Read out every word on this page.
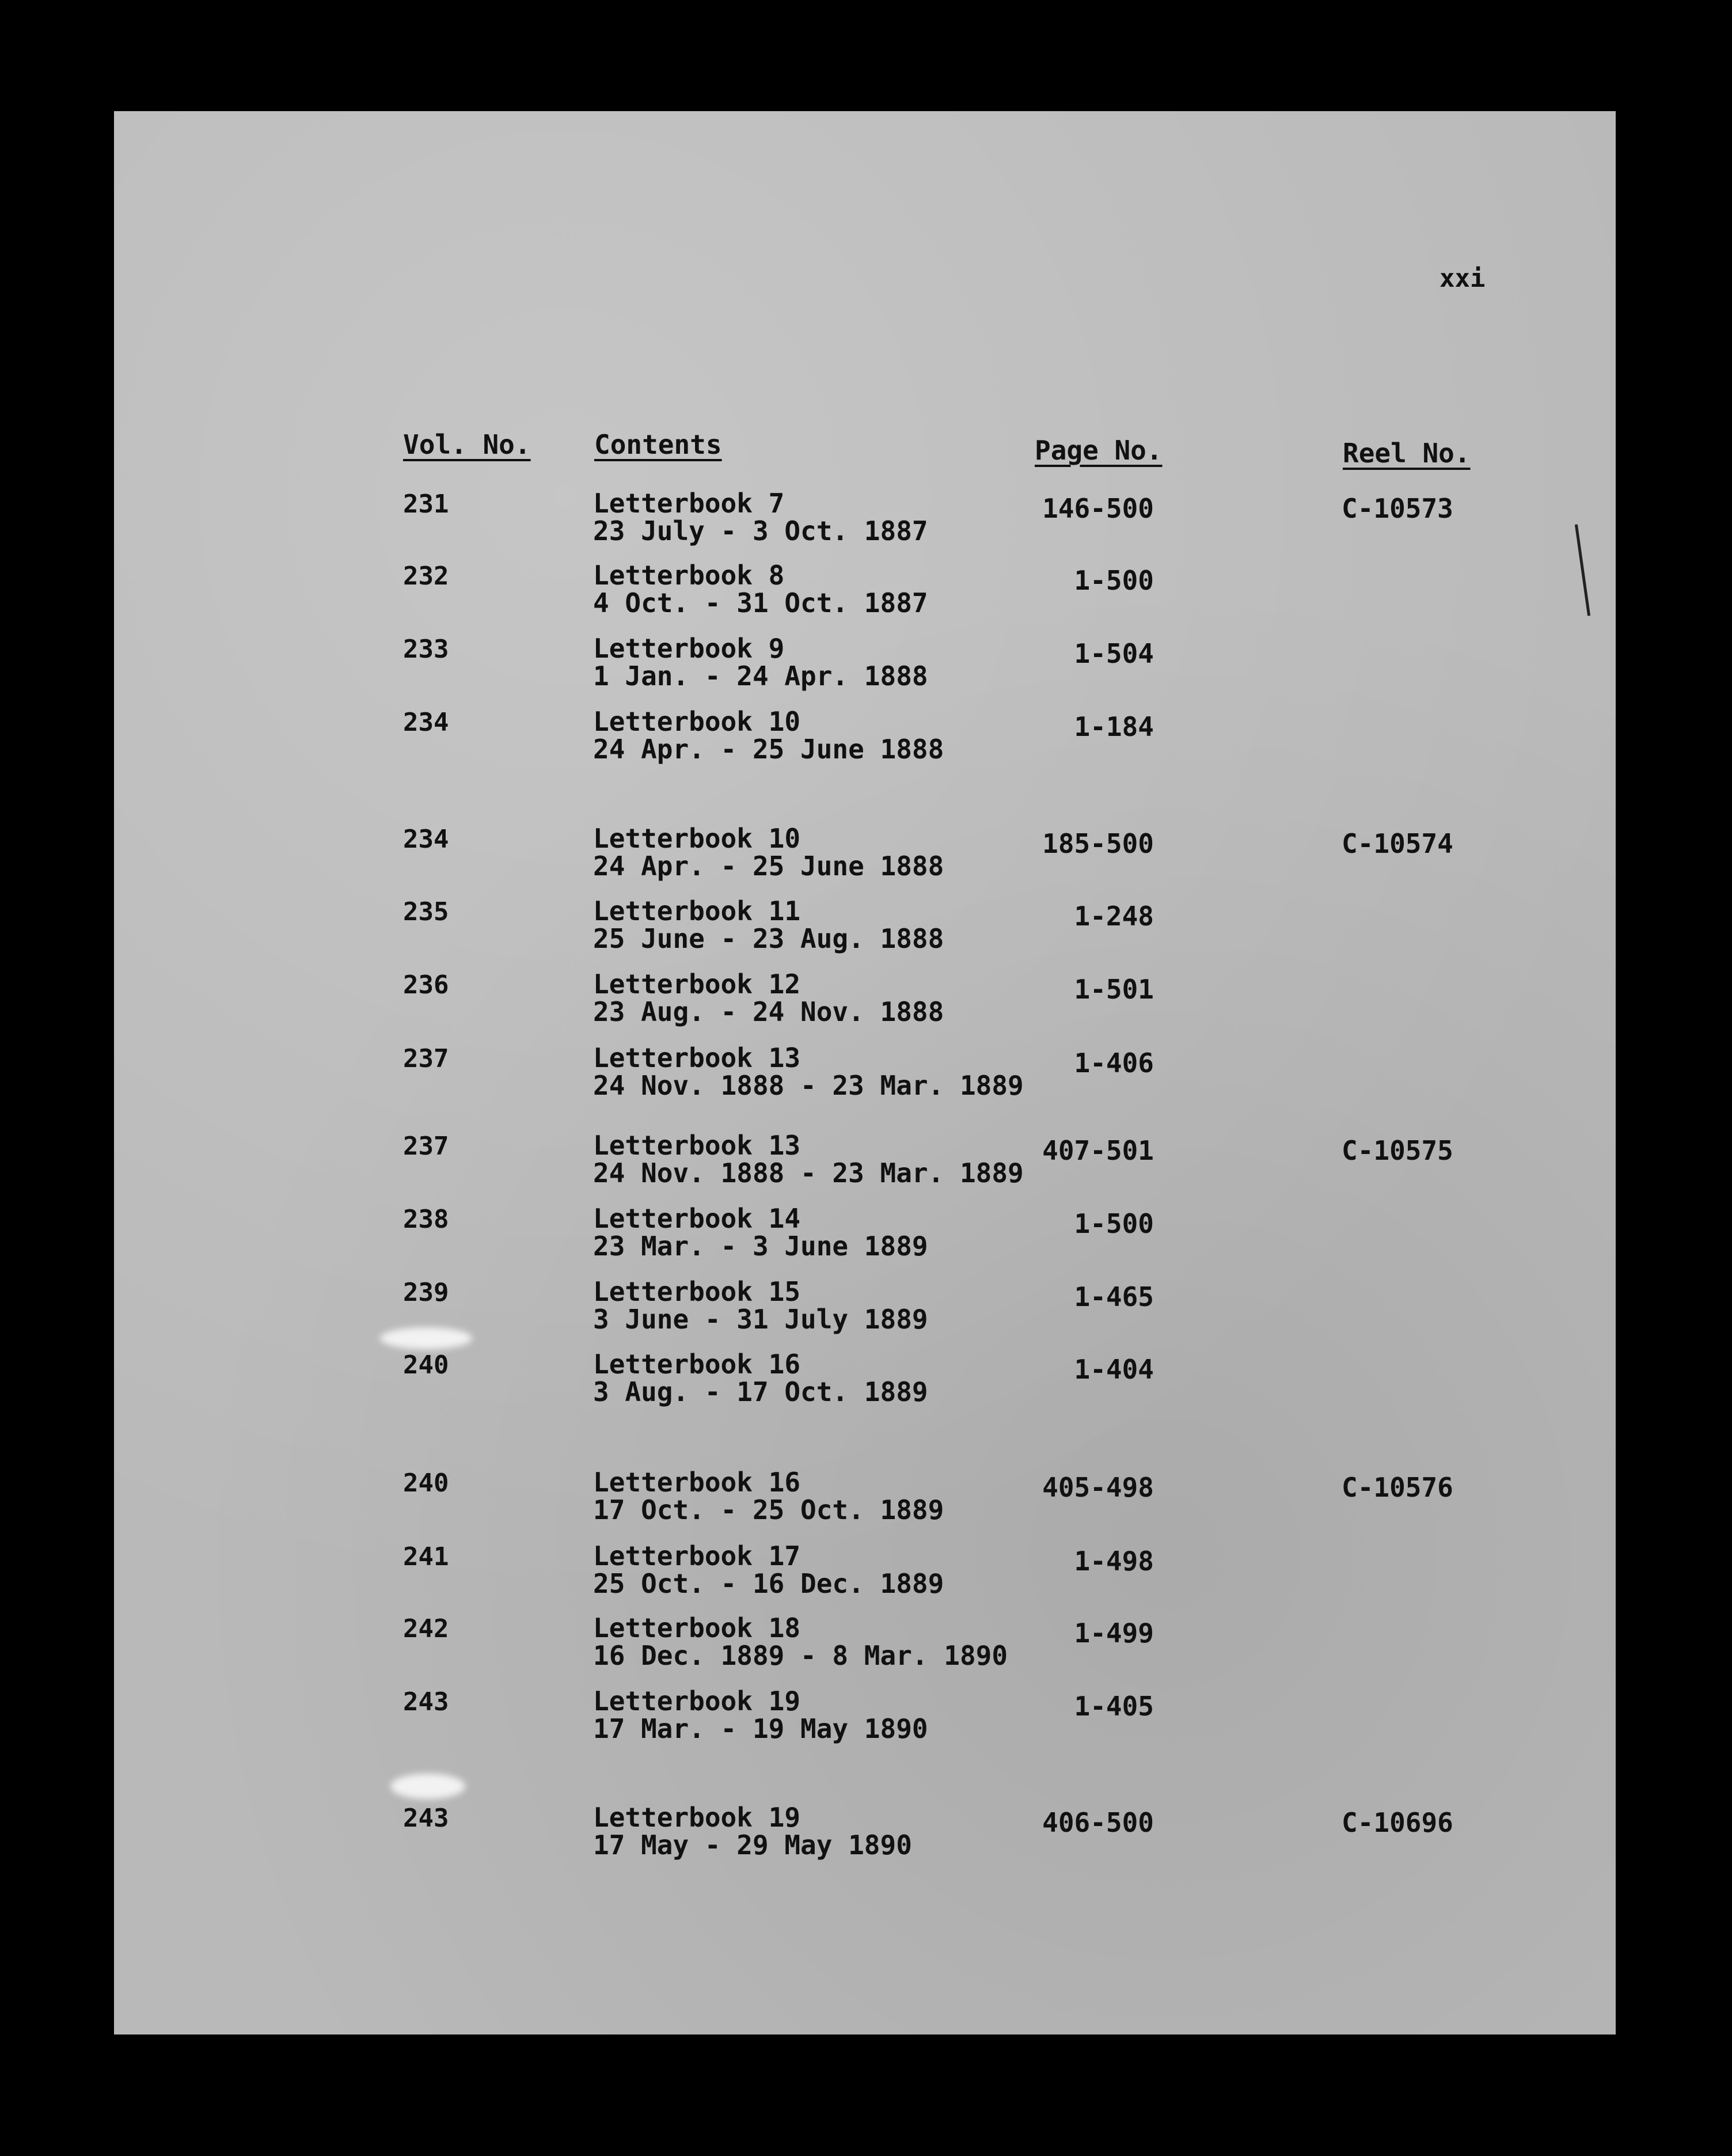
xxi
Vol. No. Contents	Page No.	Reel No.
231	Letterbook 7
23 July - 3 Oct. 1887
146-500	C-10573
232	Letterbook 8
4 Oct. - 31 Oct. 1887
1-500
233	Letterbook 9
1 Jan. - 24 Apr. 1888
1-504
234	Letterbook 10
24 Apr. - 25 June 1888
1-184
234	Letterbook 10
24 Apr. - 25 June 1888
185-500	C-10574
235	Letterbook 11
25 June - 23 Aug. 1888
1-248
236	Letterbook 12
23 Aug. - 24 Nov. 1888
1-501
237	Letterbook 13
24 Nov. 1888 - 23 Mar. 1889
1-406
237	Letterbook 13
24 Nov. 1888 - 23 Mar. 1889
407-501	C-10575
238	Letterbook 14
23 Mar. - 3 June 1889
1-500
239	Letterbook 15
3 June - 31 July 1889
1-465
240	Letterbook 16
3 Aug. - 17 Oct. 1889
1-404
240	Letterbook 16
17 Oct. - 25 Oct. 1889
405-498	C-10576
241	Letterbook 17
25 Oct. - 16 Dec. 1889
1-498
242	Letterbook 18
16 Dec. 1889 - 8 Mar. 1890
1-499
243	Letterbook 19
17 Mar. - 19 May 1890
1-405
243	Letterbook 19
17 May - 29 May 1890
406-500	C-10696
